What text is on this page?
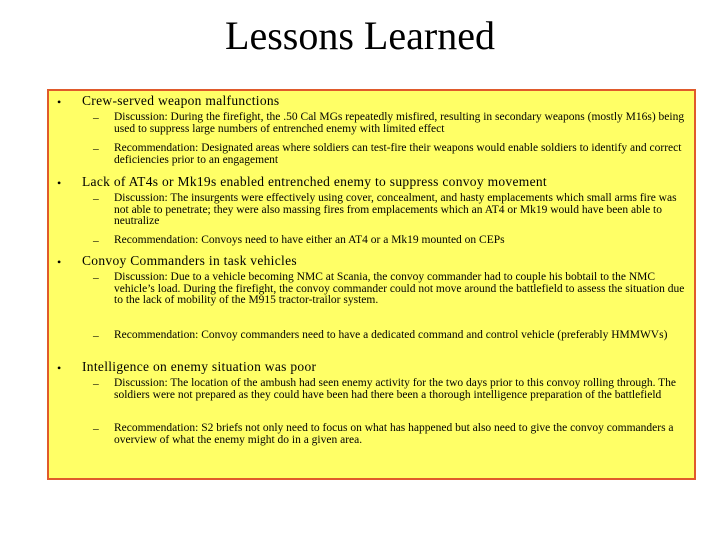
Lessons Learned
• Crew-served weapon malfunctions
– Discussion: During the firefight, the .50 Cal MGs repeatedly misfired, resulting in secondary weapons (mostly M16s) being used to suppress large numbers of entrenched enemy with limited effect
– Recommendation: Designated areas where soldiers can test-fire their weapons would enable soldiers to identify and correct deficiencies prior to an engagement
• Lack of AT4s or Mk19s enabled entrenched enemy to suppress convoy movement
– Discussion: The insurgents were effectively using cover, concealment, and hasty emplacements which small arms fire was not able to penetrate; they were also massing fires from emplacements which an AT4 or Mk19 would have been able to neutralize
– Recommendation: Convoys need to have either an AT4 or a Mk19 mounted on CEPs
• Convoy Commanders in task vehicles
– Discussion: Due to a vehicle becoming NMC at Scania, the convoy commander had to couple his bobtail to the NMC vehicle’s load. During the firefight, the convoy commander could not move around the battlefield to assess the situation due to the lack of mobility of the M915 tractor-trailor system.
– Recommendation: Convoy commanders need to have a dedicated command and control vehicle (preferably HMMWVs)
• Intelligence on enemy situation was poor
– Discussion: The location of the ambush had seen enemy activity for the two days prior to this convoy rolling through. The soldiers were not prepared as they could have been had there been a thorough intelligence preparation of the battlefield
– Recommendation: S2 briefs not only need to focus on what has happened but also need to give the convoy commanders a overview of what the enemy might do in a given area.
